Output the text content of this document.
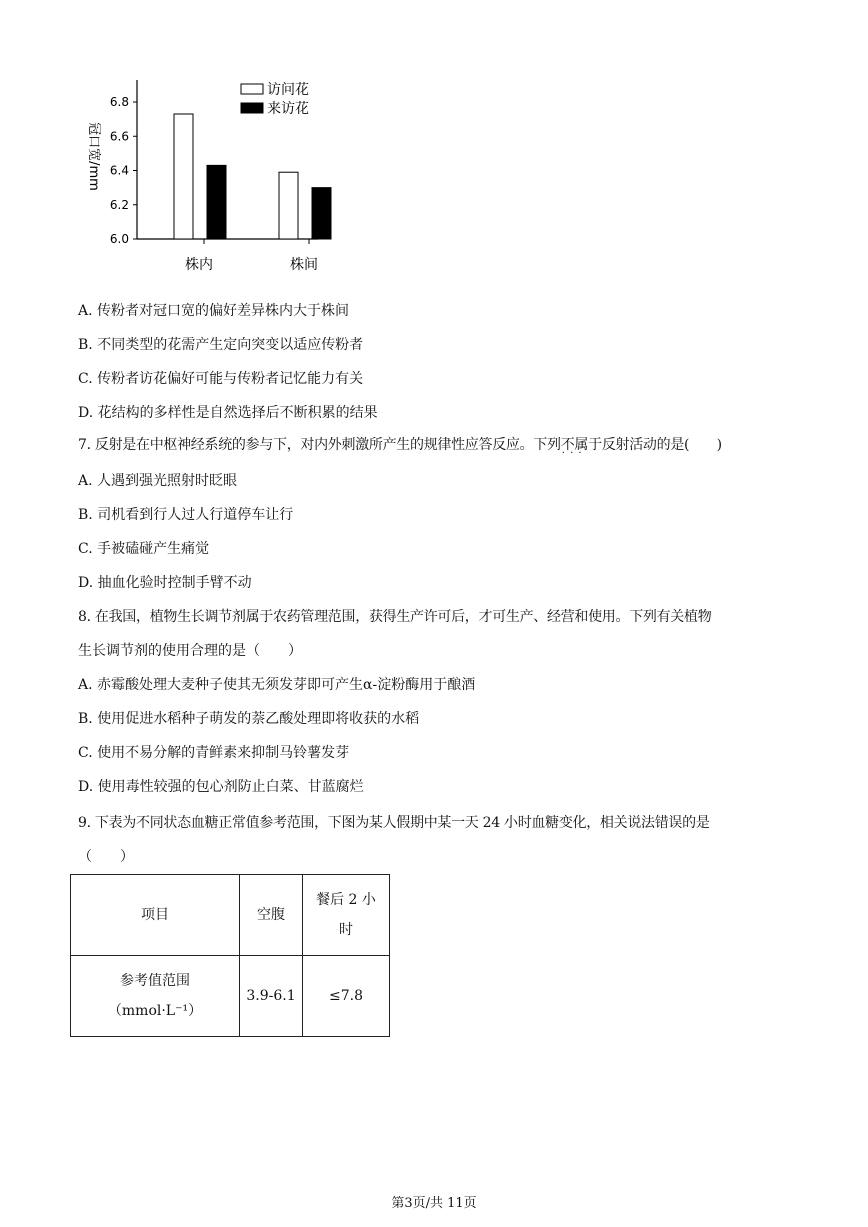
6.0
6.2
6.4
6.6
6.8
冠口宽/mm
株内	株间
访问花
来访花
A. 传粉者对冠口宽的偏好差异株内大于株间
B. 不同类型的花需产生定向突变以适应传粉者
C. 传粉者访花偏好可能与传粉者记忆能力有关
D. 花结构的多样性是自然选择后不断积累的结果
7. 反射是在中枢神经系统的参与下，对内外刺激所产生的规律性应答反应。下列不属于 · · ·反射活动的是(　　)
A. 人遇到强光照射时眨眼
B. 司机看到行人过人行道停车让行
C. 手被磕碰产生痛觉
D. 抽血化验时控制手臂不动
8. 在我国，植物生长调节剂属于农药管理范围，获得生产许可后，才可生产、经营和使用。下列有关植物
生长调节剂的使用合理的是（　　）
A. 赤霉酸处理大麦种子使其无须发芽即可产生α-淀粉酶用于酿酒
B. 使用促进水稻种子萌发的萘乙酸处理即将收获的水稻
C. 使用不易分解的青鲜素来抑制马铃薯发芽
D. 使用毒性较强的包心剂防止白菜、甘蓝腐烂
9. 下表为不同状态血糖正常值参考范围，下图为某人假期中某一天 24 小时血糖变化，相关说法错误的是
（　　）
项目	空腹	餐后 2 小
时
参考值范围
（mmol·L⁻¹）	3.9-6.1	≤7.8
第3页/共 11页
